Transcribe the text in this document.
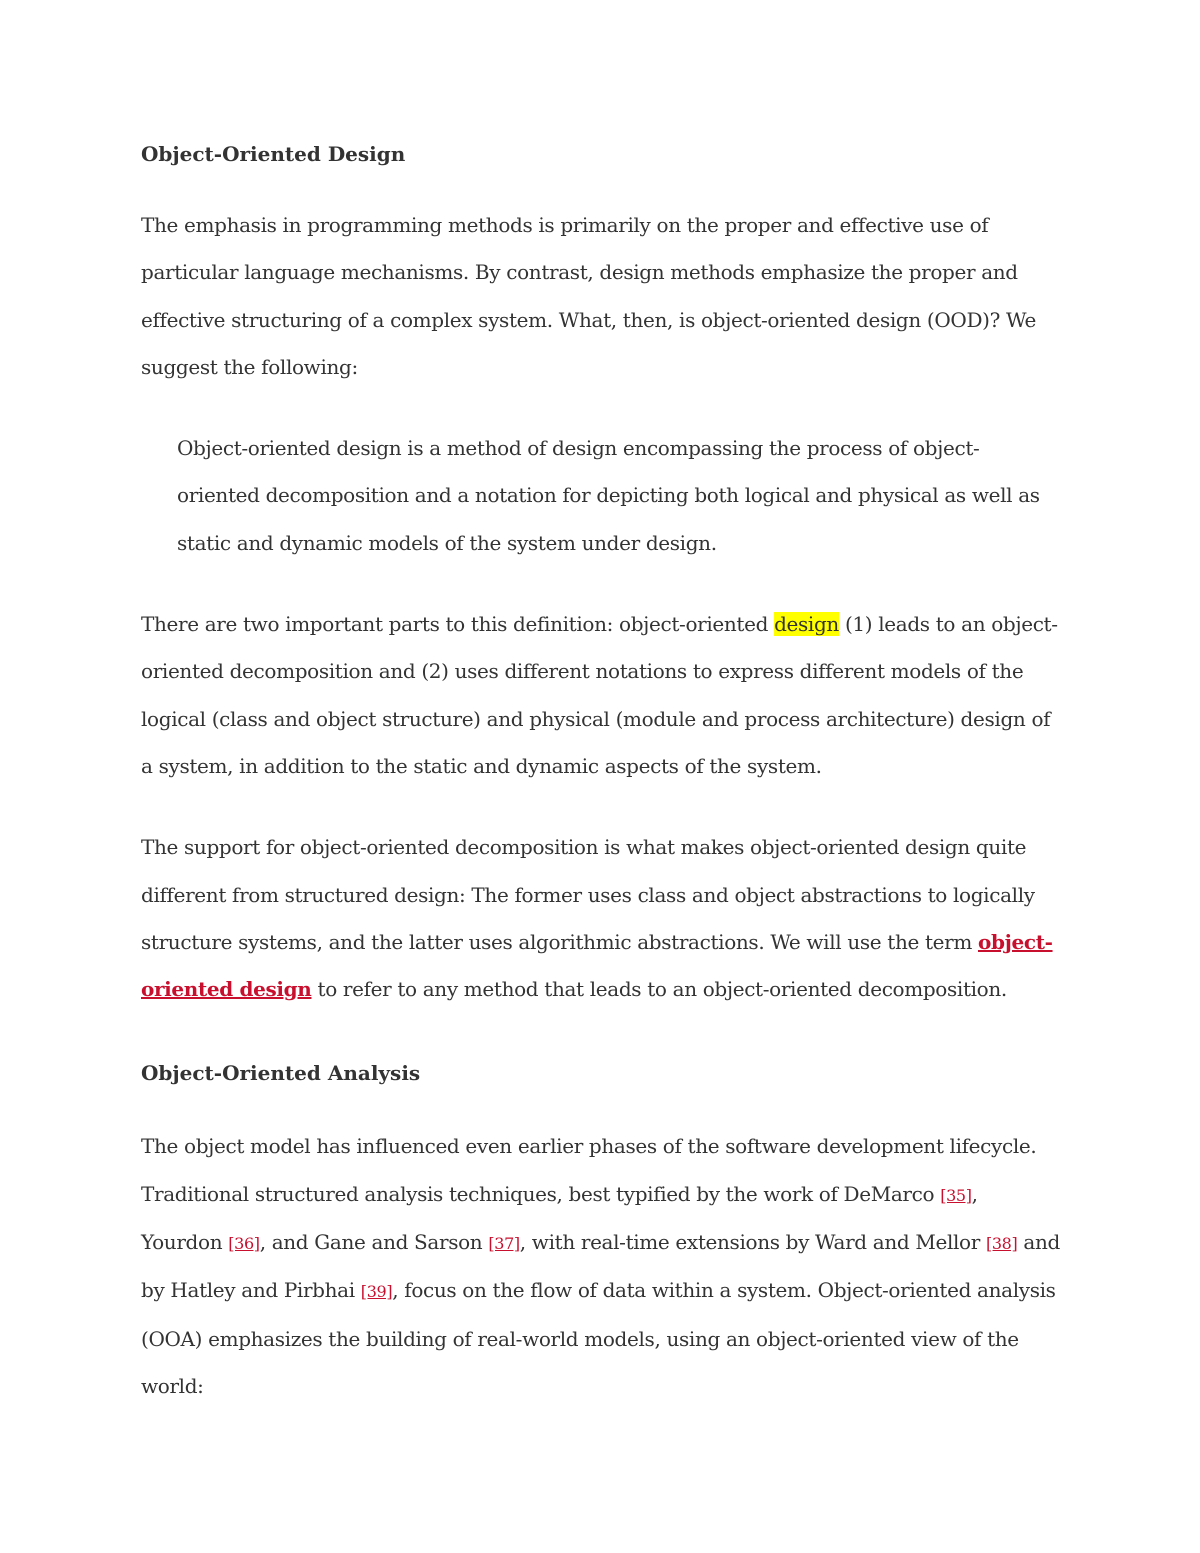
Object-Oriented Design

The emphasis in programming methods is primarily on the proper and effective use of particular language mechanisms. By contrast, design methods emphasize the proper and effective structuring of a complex system. What, then, is object-oriented design (OOD)? We suggest the following:

Object-oriented design is a method of design encompassing the process of object-oriented decomposition and a notation for depicting both logical and physical as well as static and dynamic models of the system under design.

There are two important parts to this definition: object-oriented design (1) leads to an object-oriented decomposition and (2) uses different notations to express different models of the logical (class and object structure) and physical (module and process architecture) design of a system, in addition to the static and dynamic aspects of the system.

The support for object-oriented decomposition is what makes object-oriented design quite different from structured design: The former uses class and object abstractions to logically structure systems, and the latter uses algorithmic abstractions. We will use the term object-oriented design to refer to any method that leads to an object-oriented decomposition.

Object-Oriented Analysis

The object model has influenced even earlier phases of the software development lifecycle. Traditional structured analysis techniques, best typified by the work of DeMarco [35], Yourdon [36], and Gane and Sarson [37], with real-time extensions by Ward and Mellor [38] and by Hatley and Pirbhai [39], focus on the flow of data within a system. Object-oriented analysis (OOA) emphasizes the building of real-world models, using an object-oriented view of the world:
